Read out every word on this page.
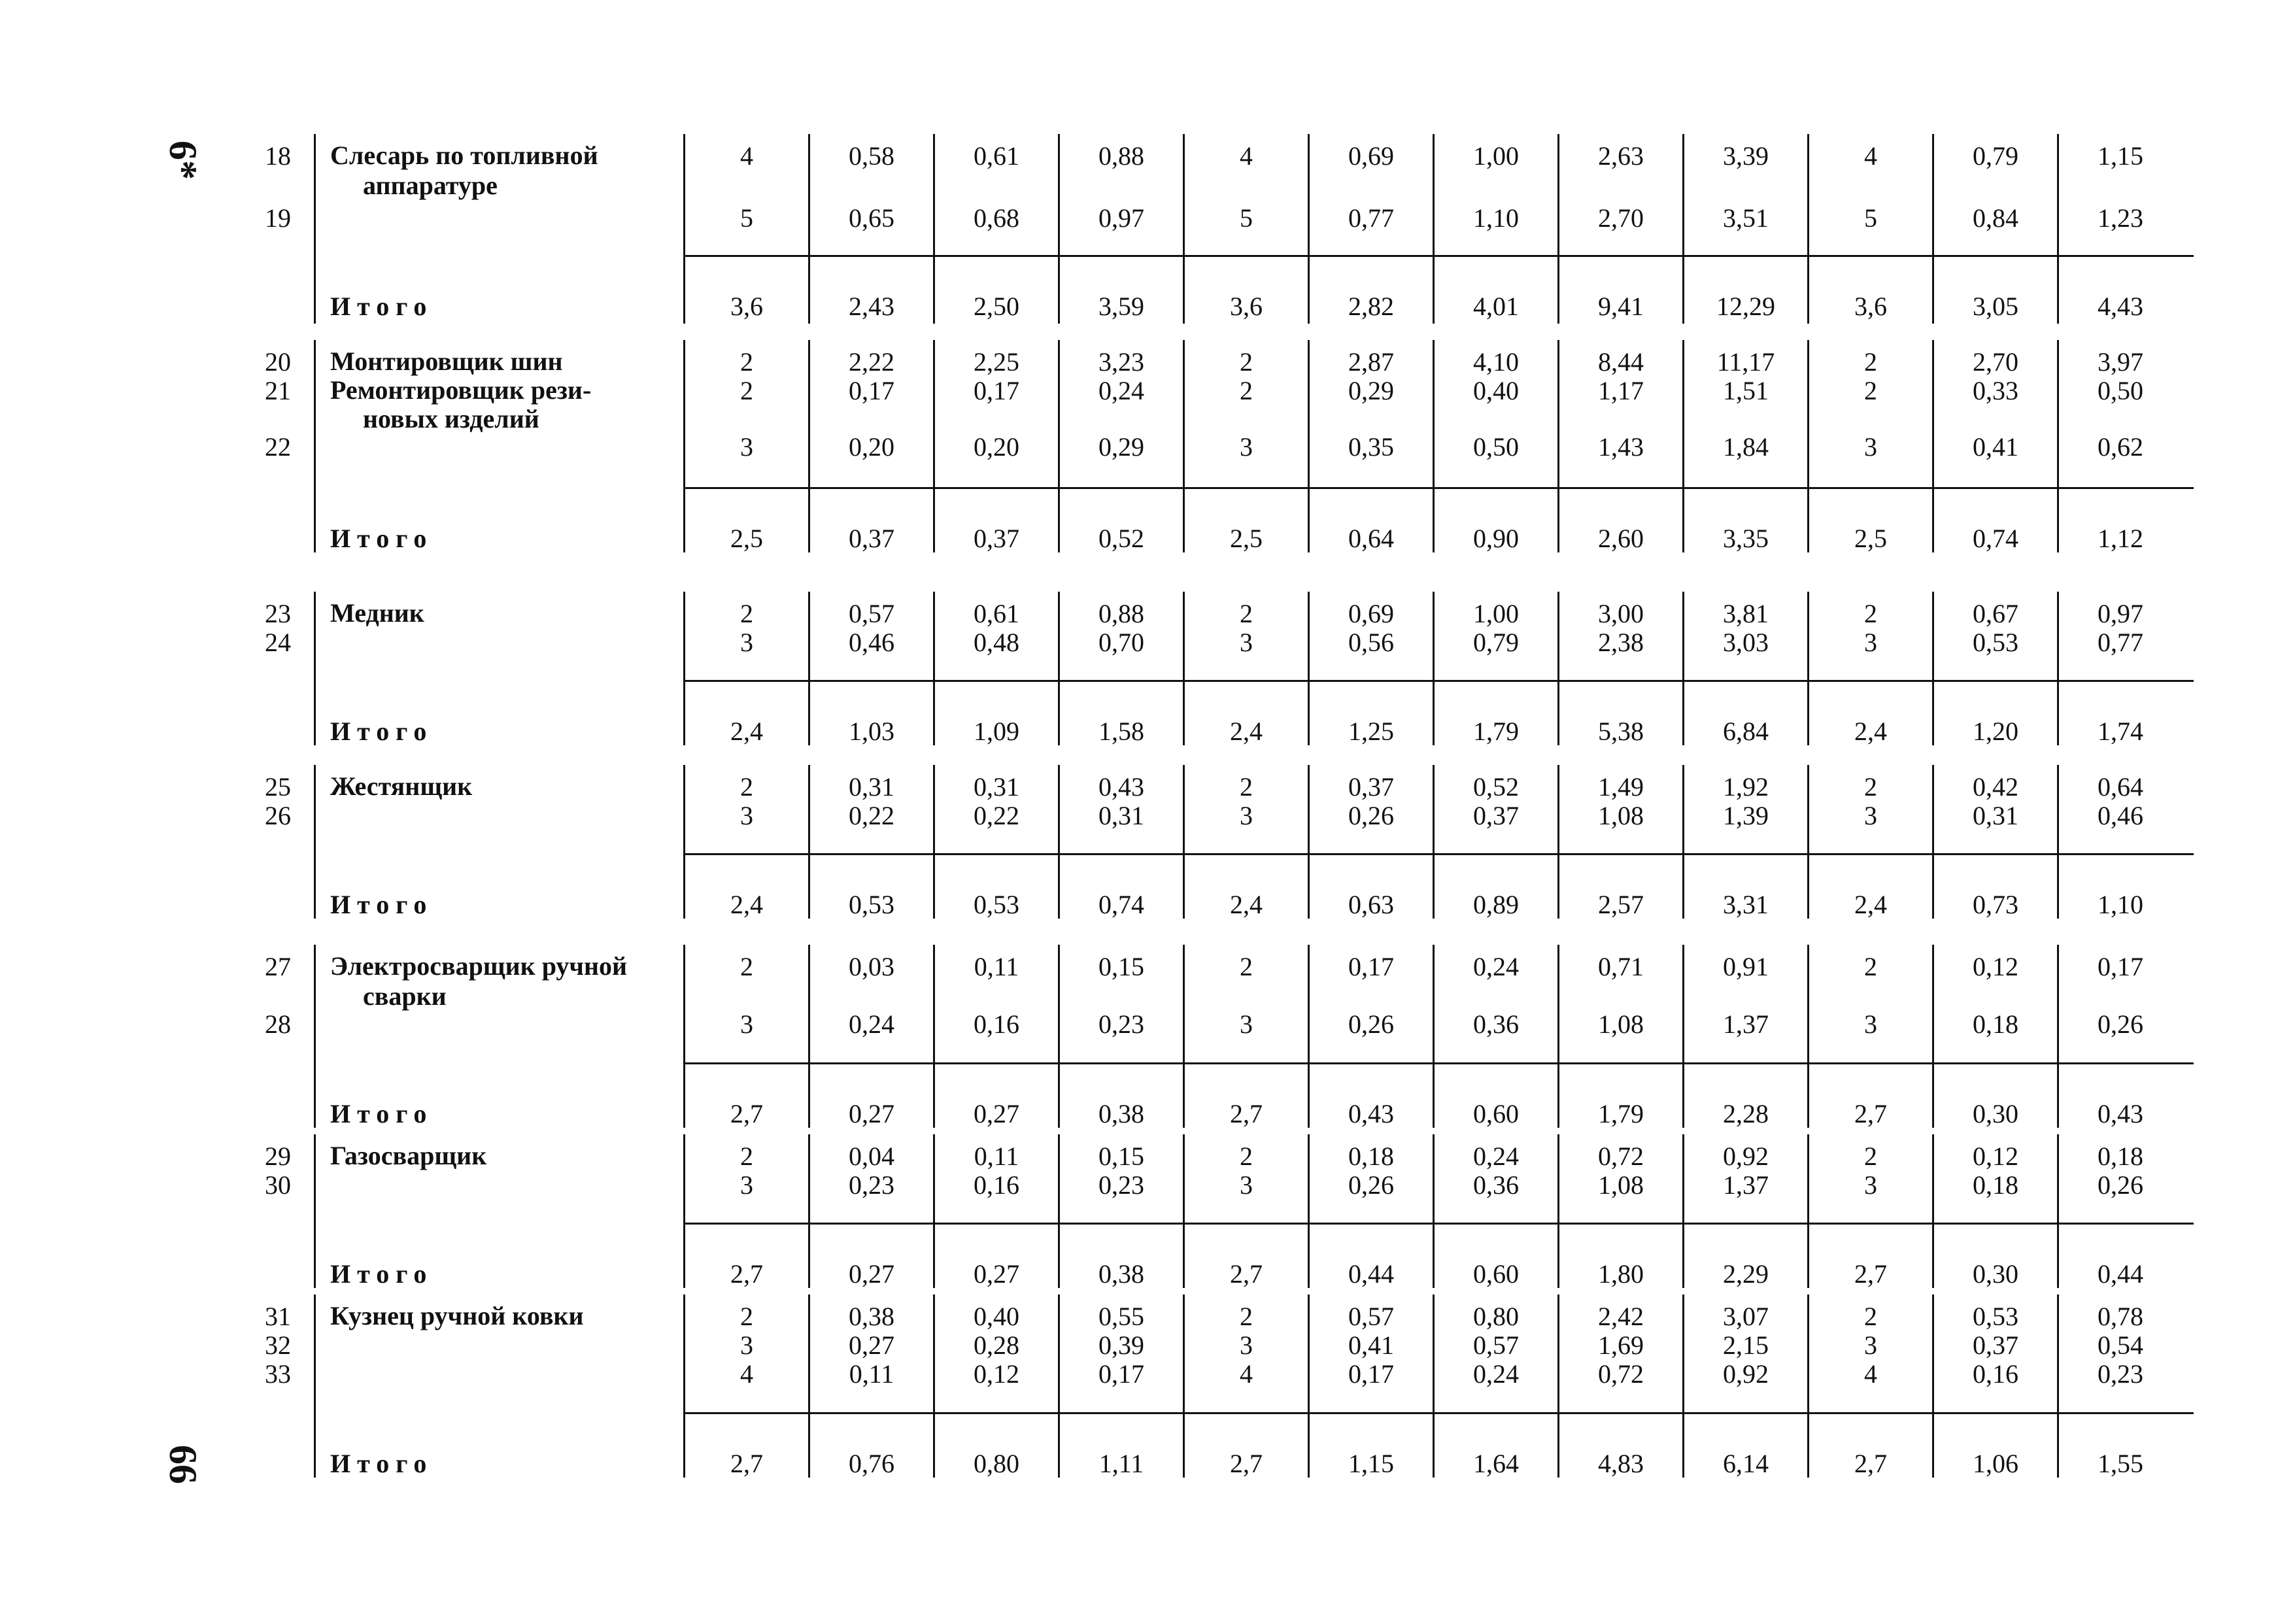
6*
66
Слесарь по топливной
аппаратуре
18	4	0,58	0,61	0,88	4	0,69	1,00	2,63	3,39	4	0,79	1,15
19	5	0,65	0,68	0,97	5	0,77	1,10	2,70	3,51	5	0,84	1,23
Итого	3,6	2,43	2,50	3,59	3,6	2,82	4,01	9,41	12,29	3,6	3,05	4,43
Монтировщик шин
Ремонтировщик рези-
новых изделий
20	2	2,22	2,25	3,23	2	2,87	4,10	8,44	11,17	2	2,70	3,97
21	2	0,17	0,17	0,24	2	0,29	0,40	1,17	1,51	2	0,33	0,50
22	3	0,20	0,20	0,29	3	0,35	0,50	1,43	1,84	3	0,41	0,62
Итого	2,5	0,37	0,37	0,52	2,5	0,64	0,90	2,60	3,35	2,5	0,74	1,12
Медник
23	2	0,57	0,61	0,88	2	0,69	1,00	3,00	3,81	2	0,67	0,97
24	3	0,46	0,48	0,70	3	0,56	0,79	2,38	3,03	3	0,53	0,77
Итого	2,4	1,03	1,09	1,58	2,4	1,25	1,79	5,38	6,84	2,4	1,20	1,74
Жестянщик
25	2	0,31	0,31	0,43	2	0,37	0,52	1,49	1,92	2	0,42	0,64
26	3	0,22	0,22	0,31	3	0,26	0,37	1,08	1,39	3	0,31	0,46
Итого	2,4	0,53	0,53	0,74	2,4	0,63	0,89	2,57	3,31	2,4	0,73	1,10
Электросварщик ручной
сварки
27	2	0,03	0,11	0,15	2	0,17	0,24	0,71	0,91	2	0,12	0,17
28	3	0,24	0,16	0,23	3	0,26	0,36	1,08	1,37	3	0,18	0,26
Итого	2,7	0,27	0,27	0,38	2,7	0,43	0,60	1,79	2,28	2,7	0,30	0,43
Газосварщик
29	2	0,04	0,11	0,15	2	0,18	0,24	0,72	0,92	2	0,12	0,18
30	3	0,23	0,16	0,23	3	0,26	0,36	1,08	1,37	3	0,18	0,26
Итого	2,7	0,27	0,27	0,38	2,7	0,44	0,60	1,80	2,29	2,7	0,30	0,44
Кузнец ручной ковки
31	2	0,38	0,40	0,55	2	0,57	0,80	2,42	3,07	2	0,53	0,78
32	3	0,27	0,28	0,39	3	0,41	0,57	1,69	2,15	3	0,37	0,54
33	4	0,11	0,12	0,17	4	0,17	0,24	0,72	0,92	4	0,16	0,23
Итого	2,7	0,76	0,80	1,11	2,7	1,15	1,64	4,83	6,14	2,7	1,06	1,55
